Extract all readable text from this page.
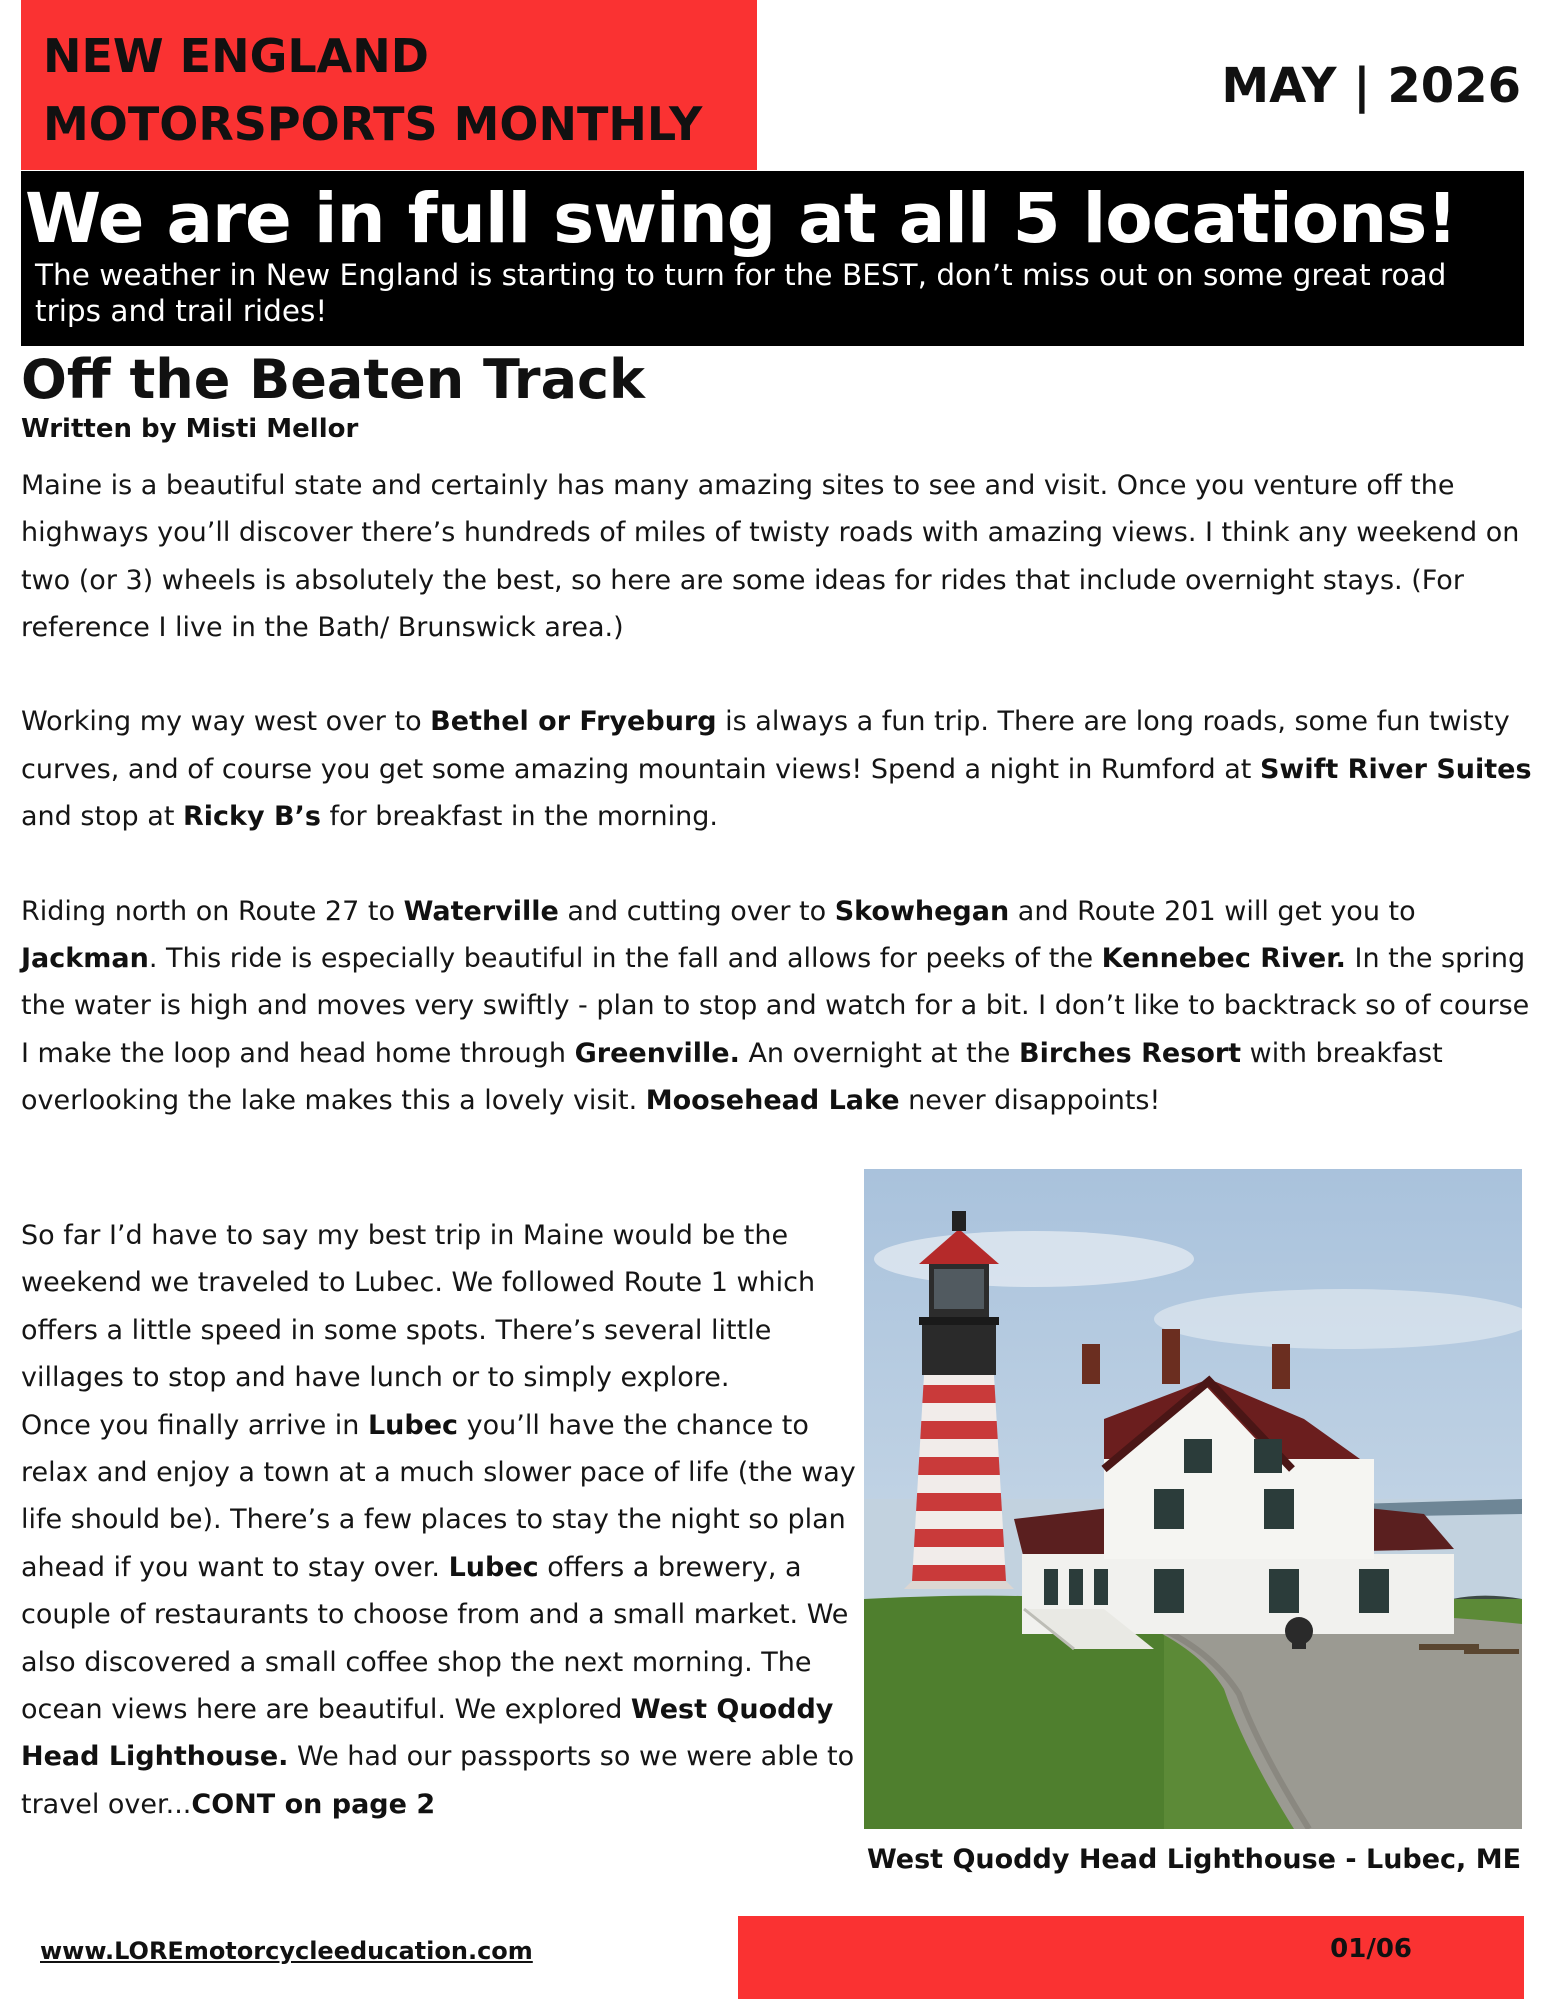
NEW ENGLAND
MOTORSPORTS MONTHLY
MAY | 2026
We are in full swing at all 5 locations!
The weather in New England is starting to turn for the BEST, don’t miss out on some great road trips and trail rides!
Off the Beaten Track
Written by Misti Mellor

Maine is a beautiful state and certainly has many amazing sites to see and visit. Once you venture off the highways you’ll discover there’s hundreds of miles of twisty roads with amazing views. I think any weekend on two (or 3) wheels is absolutely the best, so here are some ideas for rides that include overnight stays. (For reference I live in the Bath/ Brunswick area.)

Working my way west over to Bethel or Fryeburg is always a fun trip. There are long roads, some fun twisty curves, and of course you get some amazing mountain views! Spend a night in Rumford at Swift River Suites and stop at Ricky B’s for breakfast in the morning.

Riding north on Route 27 to Waterville and cutting over to Skowhegan and Route 201 will get you to Jackman. This ride is especially beautiful in the fall and allows for peeks of the Kennebec River. In the spring the water is high and moves very swiftly - plan to stop and watch for a bit. I don’t like to backtrack so of course I make the loop and head home through Greenville. An overnight at the Birches Resort with breakfast overlooking the lake makes this a lovely visit. Moosehead Lake never disappoints!

So far I’d have to say my best trip in Maine would be the weekend we traveled to Lubec. We followed Route 1 which offers a little speed in some spots. There’s several little villages to stop and have lunch or to simply explore.
Once you finally arrive in Lubec you’ll have the chance to relax and enjoy a town at a much slower pace of life (the way life should be). There’s a few places to stay the night so plan ahead if you want to stay over. Lubec offers a brewery, a couple of restaurants to choose from and a small market. We also discovered a small coffee shop the next morning. The ocean views here are beautiful. We explored West Quoddy Head Lighthouse. We had our passports so we were able to travel over...CONT on page 2
West Quoddy Head Lighthouse - Lubec, ME
www.LOREmotorcycleeducation.com	01/06
